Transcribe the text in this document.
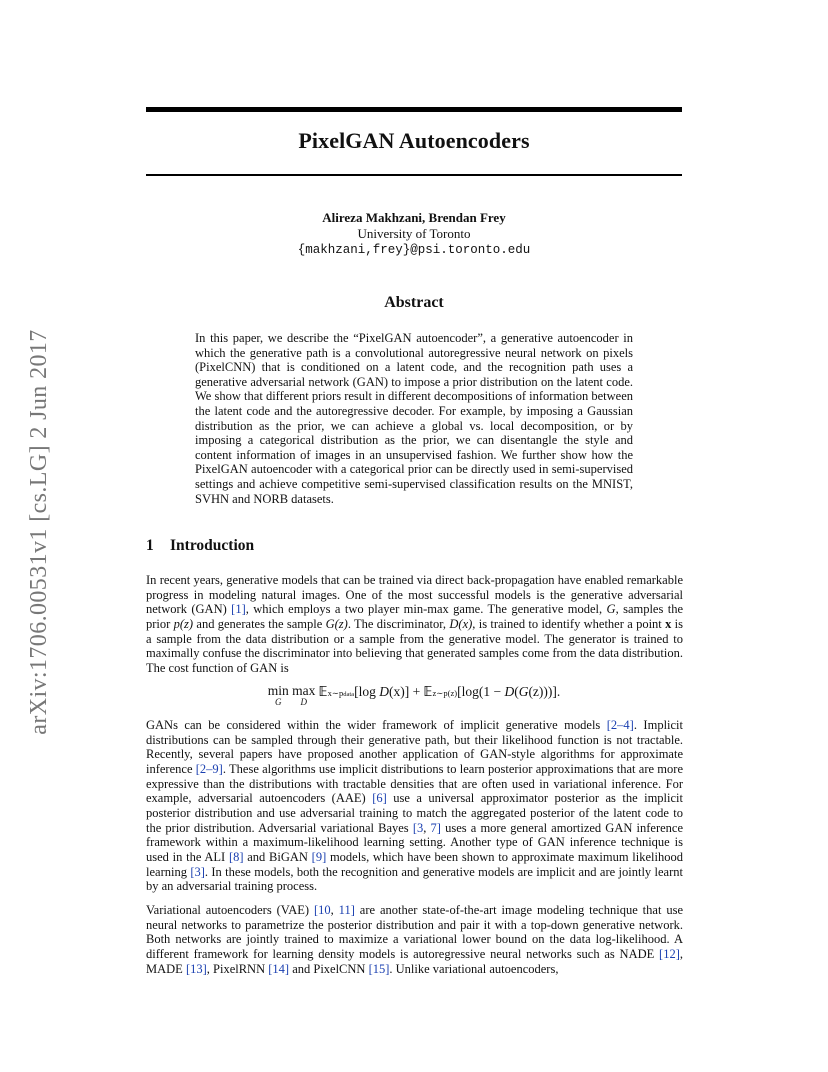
arXiv:1706.00531v1 [cs.LG] 2 Jun 2017
PixelGAN Autoencoders
Alireza Makhzani, Brendan Frey
University of Toronto
{makhzani,frey}@psi.toronto.edu
Abstract
In this paper, we describe the “PixelGAN autoencoder”, a generative autoencoder in which the generative path is a convolutional autoregressive neural network on pixels (PixelCNN) that is conditioned on a latent code, and the recognition path uses a generative adversarial network (GAN) to impose a prior distribution on the latent code. We show that different priors result in different decompositions of information between the latent code and the autoregressive decoder. For example, by imposing a Gaussian distribution as the prior, we can achieve a global vs. local decomposition, or by imposing a categorical distribution as the prior, we can disentangle the style and content information of images in an unsupervised fashion. We further show how the PixelGAN autoencoder with a categorical prior can be directly used in semi-supervised settings and achieve competitive semi-supervised classification results on the MNIST, SVHN and NORB datasets.
1 Introduction
In recent years, generative models that can be trained via direct back-propagation have enabled remarkable progress in modeling natural images. One of the most successful models is the generative adversarial network (GAN) [1], which employs a two player min-max game. The generative model, G, samples the prior p(z) and generates the sample G(z). The discriminator, D(x), is trained to identify whether a point x is a sample from the data distribution or a sample from the generative model. The generator is trained to maximally confuse the discriminator into believing that generated samples come from the data distribution. The cost function of GAN is
min
G
max
D
𝔼x∼pdata[log D(x)] + 𝔼z∼p(z)[log(1 − D(G(z)))].
GANs can be considered within the wider framework of implicit generative models [2–4]. Implicit distributions can be sampled through their generative path, but their likelihood function is not tractable. Recently, several papers have proposed another application of GAN-style algorithms for approximate inference [2–9]. These algorithms use implicit distributions to learn posterior approximations that are more expressive than the distributions with tractable densities that are often used in variational inference. For example, adversarial autoencoders (AAE) [6] use a universal approximator posterior as the implicit posterior distribution and use adversarial training to match the aggregated posterior of the latent code to the prior distribution. Adversarial variational Bayes [3, 7] uses a more general amortized GAN inference framework within a maximum-likelihood learning setting. Another type of GAN inference technique is used in the ALI [8] and BiGAN [9] models, which have been shown to approximate maximum likelihood learning [3]. In these models, both the recognition and generative models are implicit and are jointly learnt by an adversarial training process.
Variational autoencoders (VAE) [10, 11] are another state-of-the-art image modeling technique that use neural networks to parametrize the posterior distribution and pair it with a top-down generative network. Both networks are jointly trained to maximize a variational lower bound on the data log-likelihood. A different framework for learning density models is autoregressive neural networks such as NADE [12], MADE [13], PixelRNN [14] and PixelCNN [15]. Unlike variational autoencoders,
